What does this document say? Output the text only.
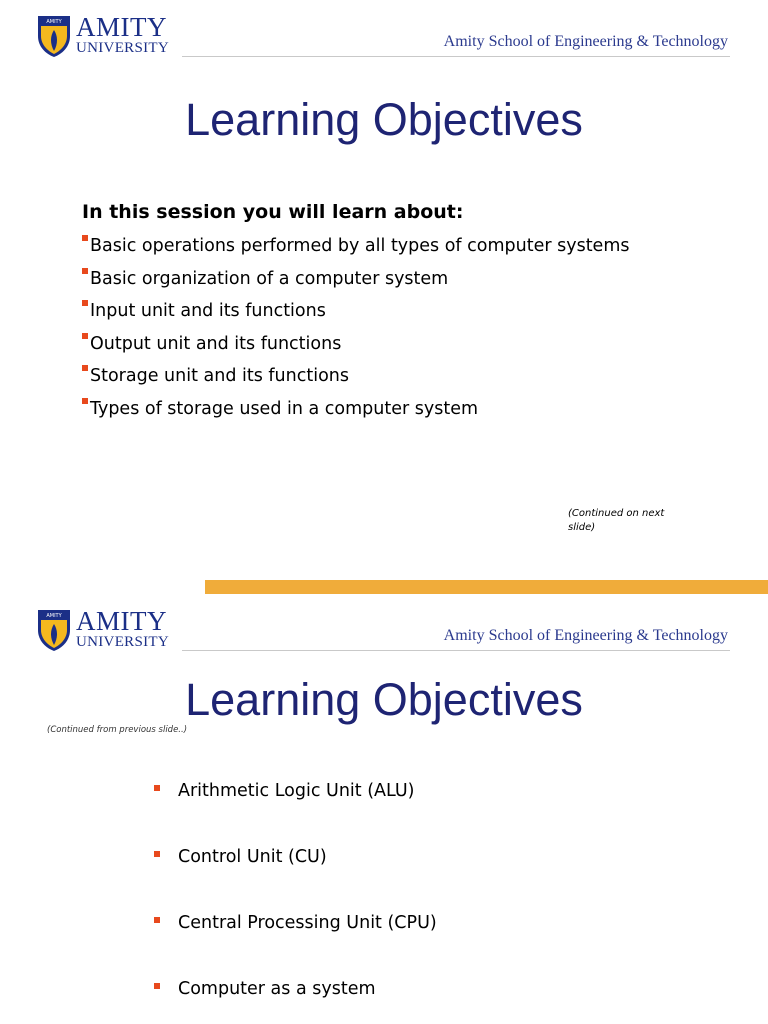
AMITY AMITY
UNIVERSITY	Amity School of Engineering & Technology
Learning Objectives
In this session you will learn about:
Basic operations performed by all types of computer systems
Basic organization of a computer system
Input unit and its functions
Output unit and its functions
Storage unit and its functions
Types of storage used in a computer system
(Continued on next slide)
AMITY AMITY
UNIVERSITY	Amity School of Engineering & Technology
Learning Objectives
(Continued from previous slide..)
Arithmetic Logic Unit (ALU)
Control Unit (CU)
Central Processing Unit (CPU)
Computer as a system
